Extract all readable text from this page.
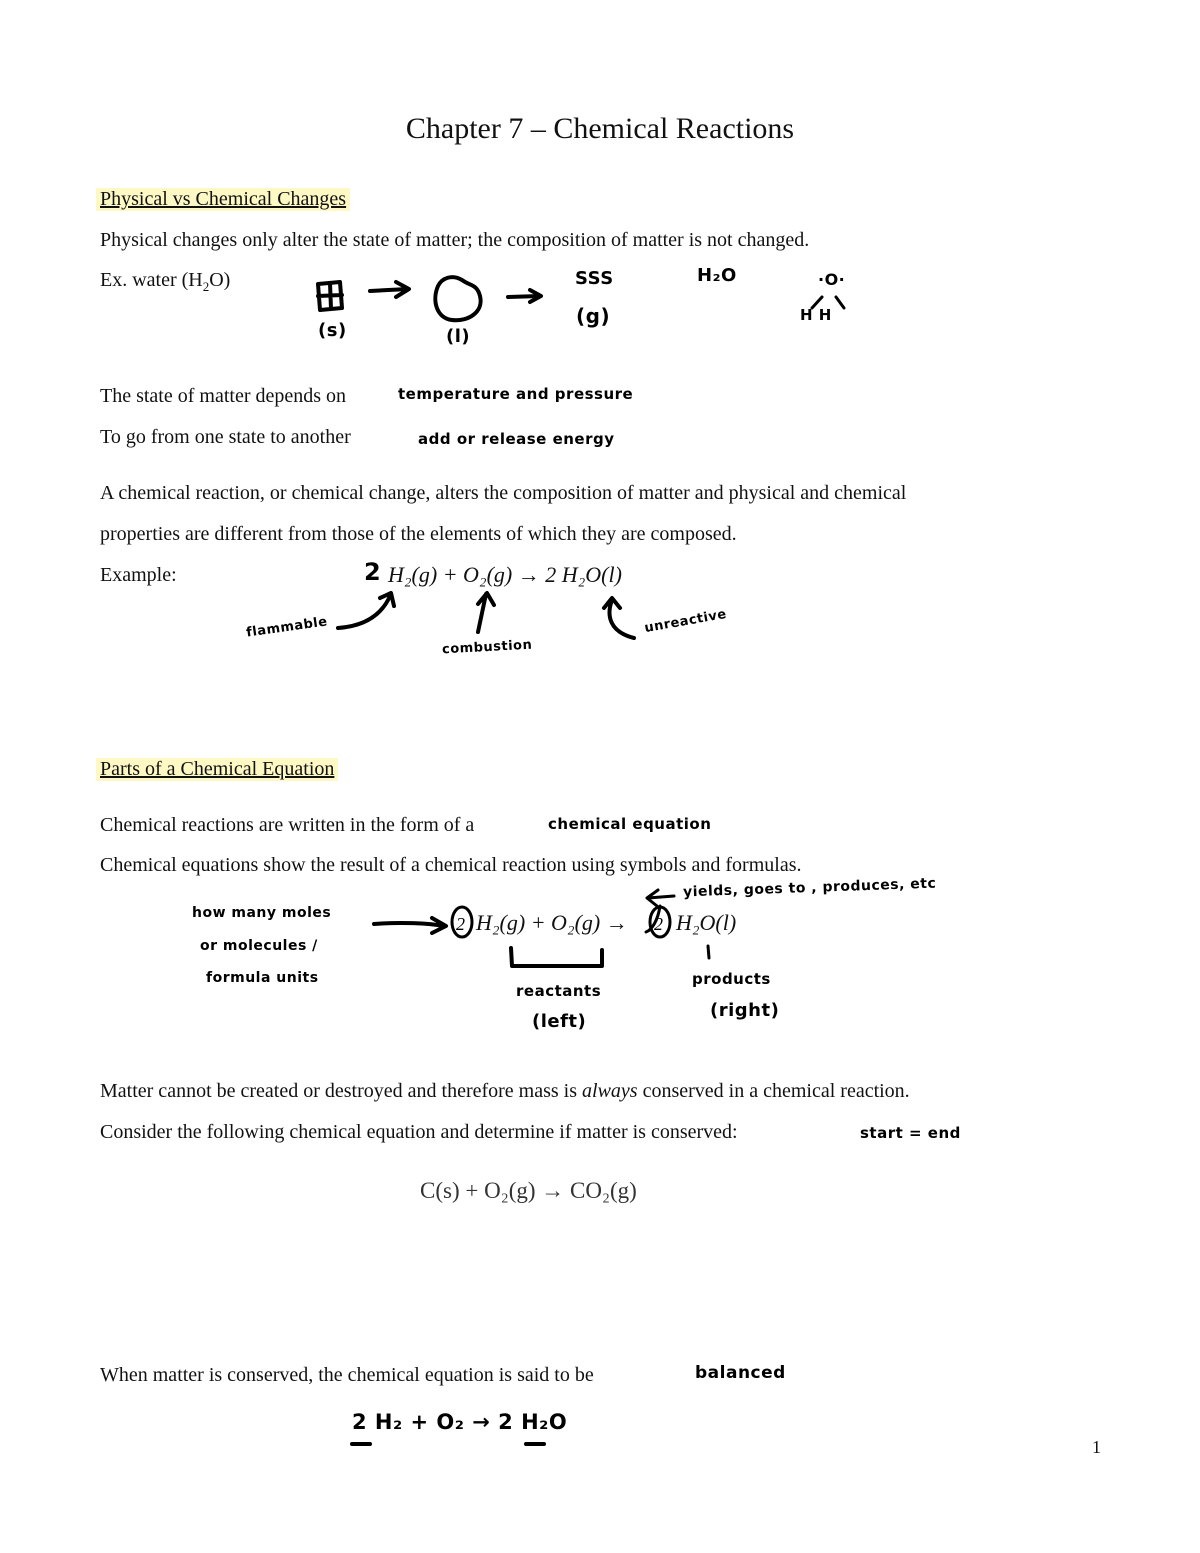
Chapter 7 – Chemical Reactions
Physical vs Chemical Changes
Physical changes only alter the state of matter; the composition of matter is not changed.
Ex. water $(H_2O)$
(s)	(l)
SSS
(g)
H₂O	·O·
H H
The state of matter depends on	temperature and pressure
To go from one state to another	add or release energy
A chemical reaction, or chemical change, alters the composition of matter and physical and chemical
properties are different from those of the elements of which they are composed.
Example:	2 H₂(g) + O₂(g) → 2 H₂O(l)
flammable
combustion
unreactive
Parts of a Chemical Equation
Chemical reactions are written in the form of a	chemical equation
Chemical equations show the result of a chemical reaction using symbols and formulas.
yields, goes to , produces, etc
how many moles
or molecules /
formula units
H₂(g) + O₂(g) → H₂O(l)
reactants
(left)
products
(right)
Matter cannot be created or destroyed and therefore mass is always conserved in a chemical reaction.
Consider the following chemical equation and determine if matter is conserved:	start = end
C(s) + O₂(g) → CO₂(g)
When matter is conserved, the chemical equation is said to be	balanced
2 H₂ + O₂ → 2 H₂O
1
2	2
